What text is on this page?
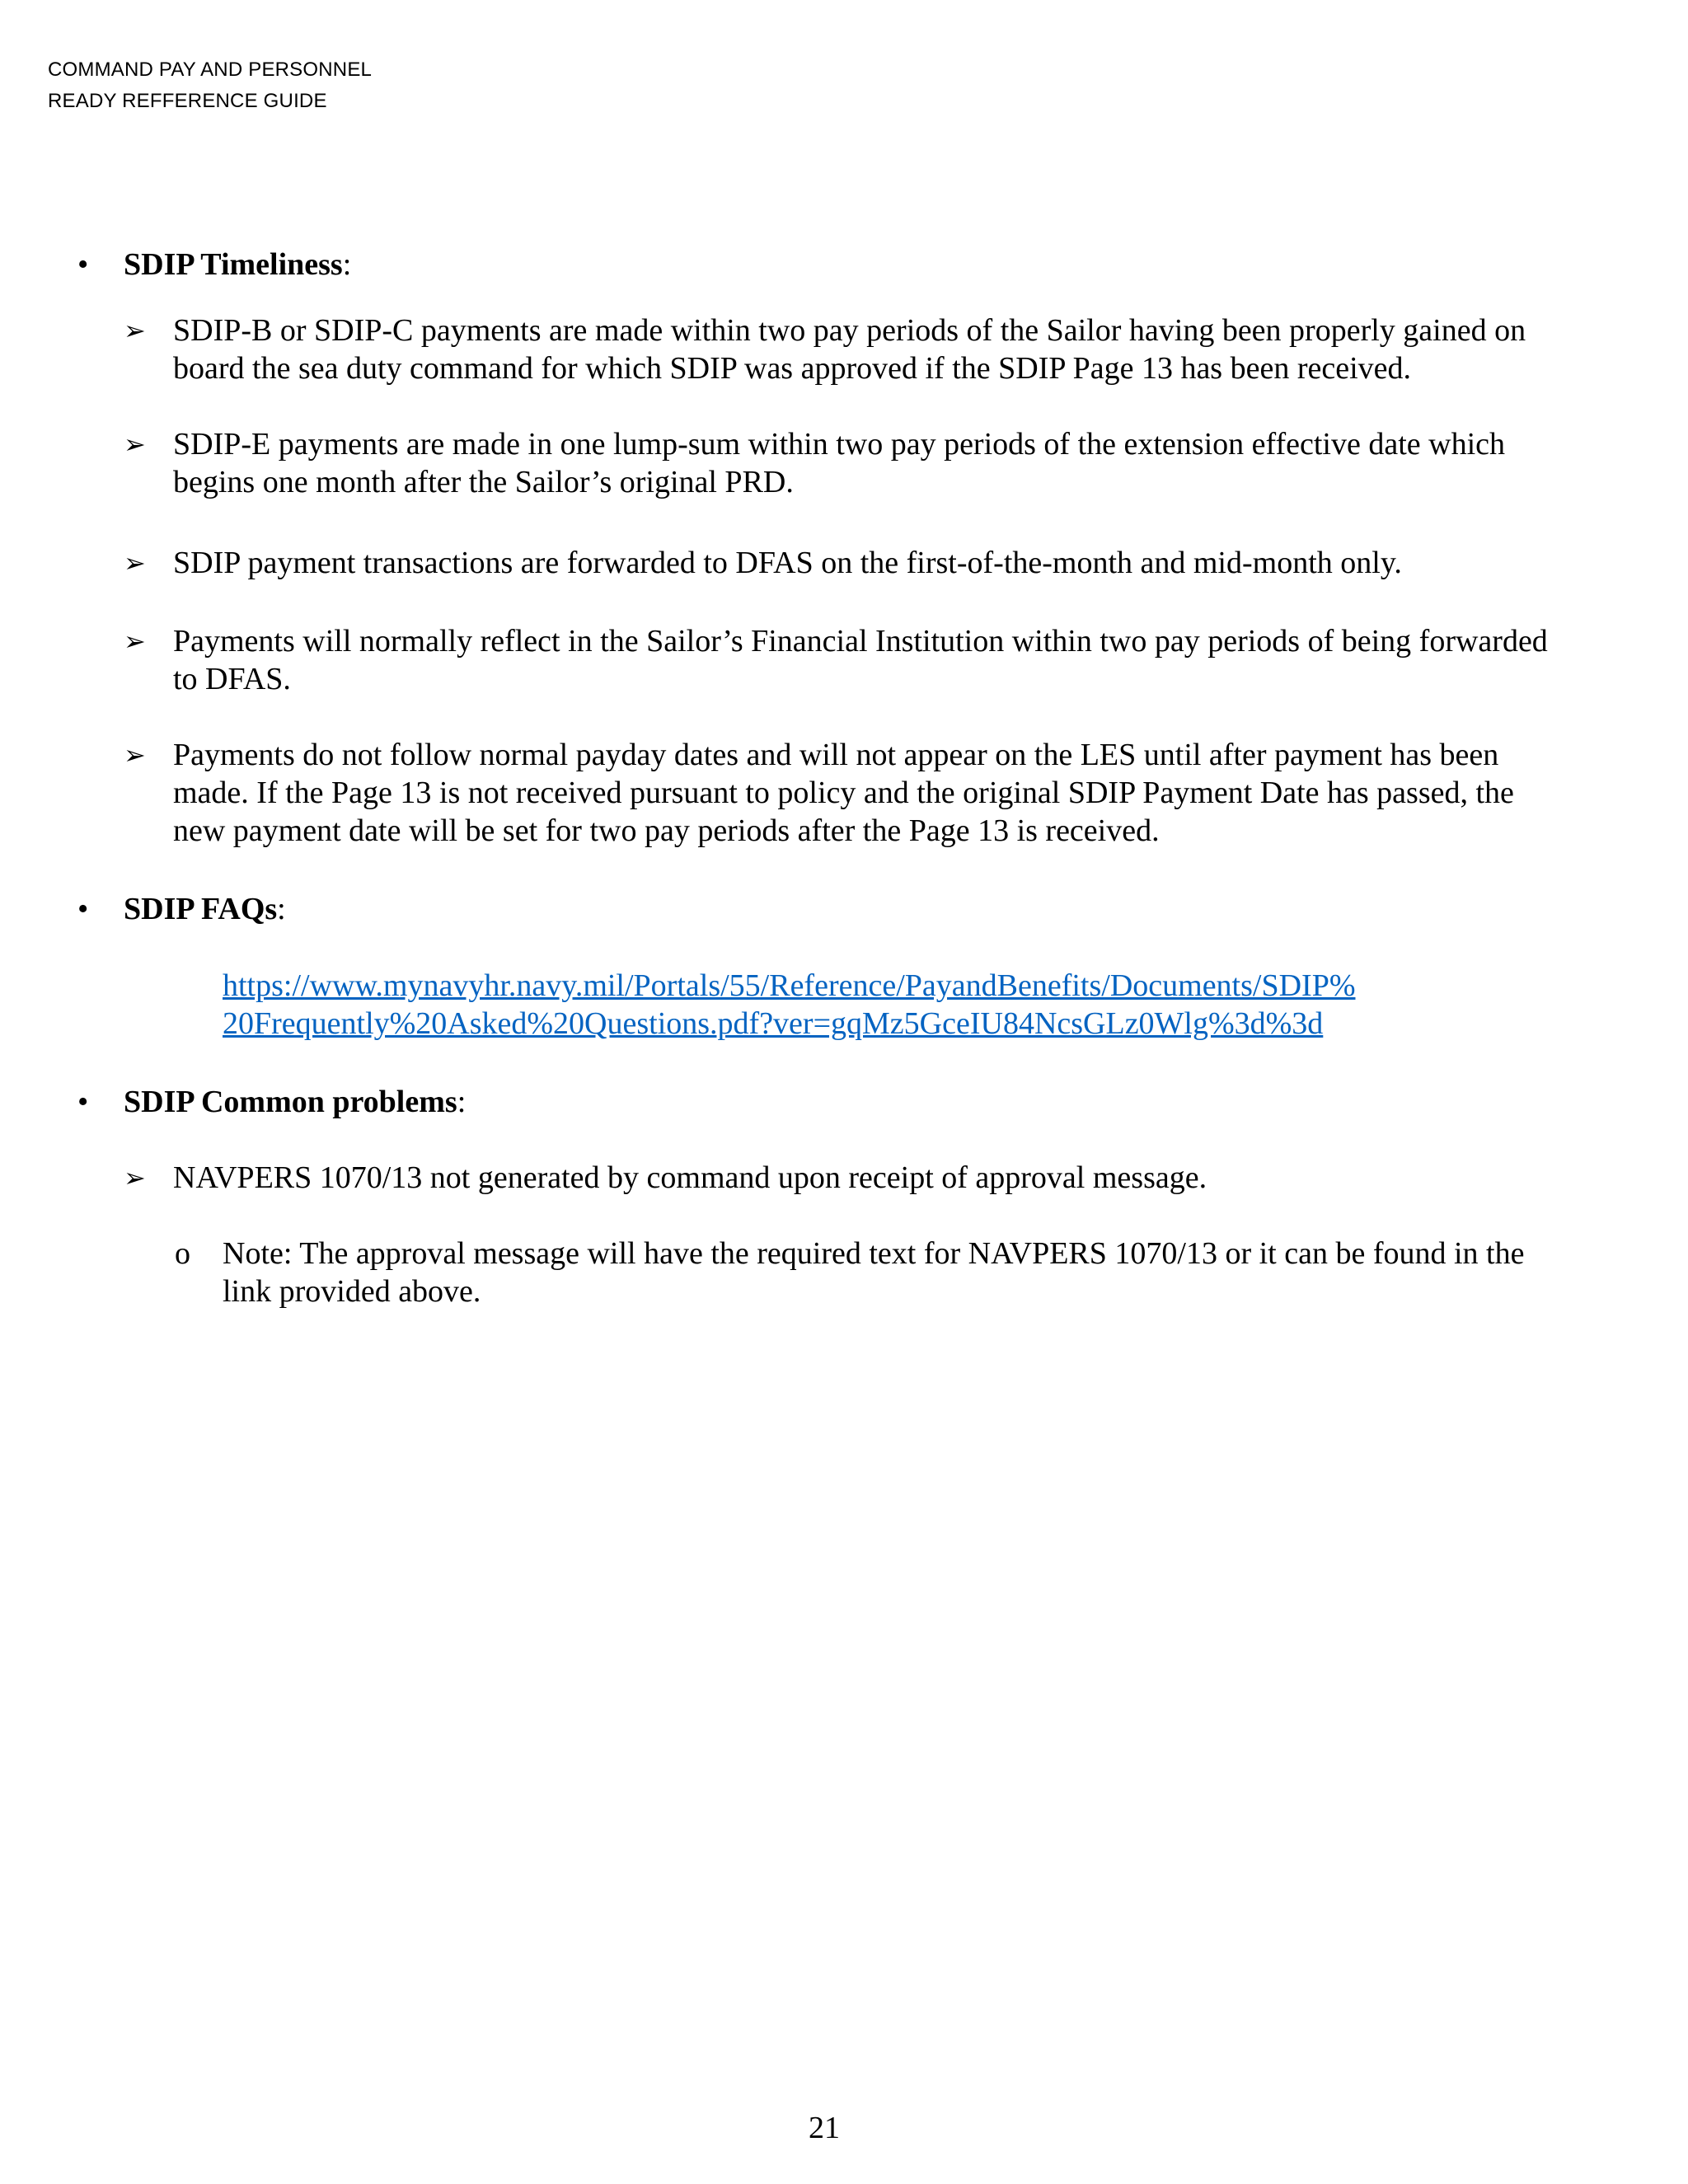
COMMAND PAY AND PERSONNEL
READY REFFERENCE GUIDE
• SDIP Timeliness:
➢ SDIP-B or SDIP-C payments are made within two pay periods of the Sailor having been properly gained on
board the sea duty command for which SDIP was approved if the SDIP Page 13 has been received.
➢ SDIP-E payments are made in one lump-sum within two pay periods of the extension effective date which
begins one month after the Sailor’s original PRD.
➢ SDIP payment transactions are forwarded to DFAS on the first-of-the-month and mid-month only.
➢ Payments will normally reflect in the Sailor’s Financial Institution within two pay periods of being forwarded
to DFAS.
➢ Payments do not follow normal payday dates and will not appear on the LES until after payment has been
made. If the Page 13 is not received pursuant to policy and the original SDIP Payment Date has passed, the
new payment date will be set for two pay periods after the Page 13 is received.
• SDIP FAQs:
https://www.mynavyhr.navy.mil/Portals/55/Reference/PayandBenefits/Documents/SDIP%
20Frequently%20Asked%20Questions.pdf?ver=gqMz5GceIU84NcsGLz0Wlg%3d%3d
• SDIP Common problems:
➢ NAVPERS 1070/13 not generated by command upon receipt of approval message.
o Note: The approval message will have the required text for NAVPERS 1070/13 or it can be found in the
link provided above.
21
